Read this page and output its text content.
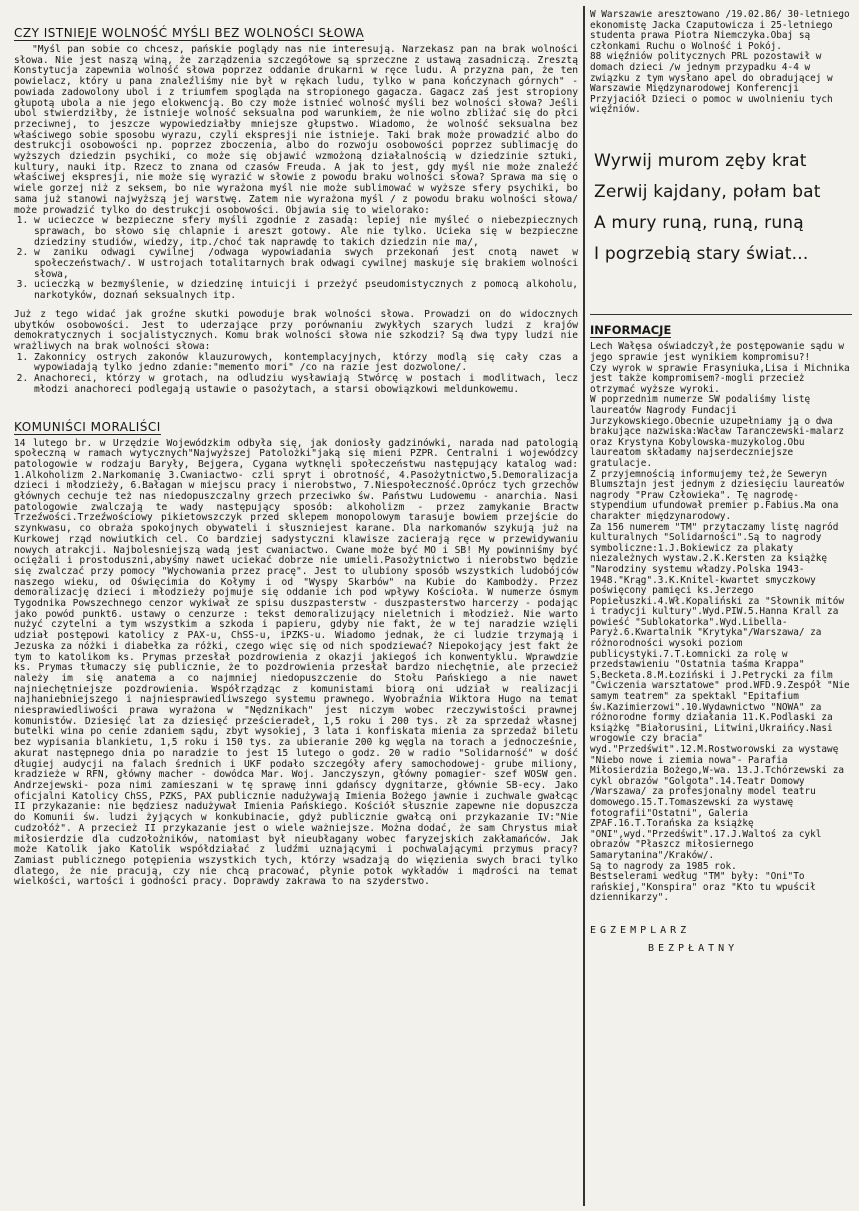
CZY ISTNIEJE WOLNOŚĆ MYŚLI BEZ WOLNOŚCI SŁOWA

"Myśl pan sobie co chcesz, pańskie poglądy nas nie interesują. Narzekasz pan na brak wolności słowa. Nie jest naszą winą, że zarządzenia szczegółowe są sprzeczne z ustawą zasadniczą. Zresztą Konstytucja zapewnia wolność słowa poprzez oddanie drukarni w ręce ludu. A przyzna pan, że ten powielacz, który u pana znaleźliśmy nie był w rękach ludu, tylko w pana kończynach górnych" - powiada zadowolony ubol i z triumfem spogląda na stropionego gagacza. Gagacz zaś jest stropiony głupotą ubola a nie jego elokwencją. Bo czy może istnieć wolność myśli bez wolności słowa? Jeśli ubol stwierdziłby, że istnieje wolność seksualna pod warunkiem, że nie wolno zbliżać się do płci przeciwnej, to jeszcze wypowiedziałby mniejsze głupstwo. Wiadomo, że wolność seksualna bez właściwego sobie sposobu wyrazu, czyli ekspresji nie istnieje. Taki brak może prowadzić albo do destrukcji osobowości np. poprzez zboczenia, albo do rozwoju osobowości poprzez sublimację do wyższych dziedzin psychiki, co może się objawić wzmożoną działalnością w dziedzinie sztuki, kultury, nauki itp. Rzecz to znana od czasów Freuda. A jak to jest, gdy myśl nie może znaleźć właściwej ekspresji, nie może się wyrazić w słowie z powodu braku wolności słowa? Sprawa ma się o wiele gorzej niż z seksem, bo nie wyrażona myśl nie może sublimować w wyższe sfery psychiki, bo sama już stanowi najwyższą jej warstwę. Zatem nie wyrażona myśl / z powodu braku wolności słowa/ może prowadzić tylko do destrukcji osobowości. Objawia się to wielorako:

1. w ucieczce w bezpieczne sfery myśli zgodnie z zasadą: lepiej nie myśleć o niebezpiecznych sprawach, bo słowo się chlapnie i areszt gotowy. Ale nie tylko. Ucieka się w bezpieczne dziedziny studiów, wiedzy, itp./choć tak naprawdę to takich dziedzin nie ma/,
2. w zaniku odwagi cywilnej /odwaga wypowiadania swych przekonań jest cnotą nawet w społeczeństwach/. W ustrojach totalitarnych brak odwagi cywilnej maskuje się brakiem wolności słowa,
3. ucieczką w bezmyślenie, w dziedzinę intuicji i przeżyć pseudomistycznych z pomocą alkoholu, narkotyków, doznań seksualnych itp.

Już z tego widać jak groźne skutki powoduje brak wolności słowa. Prowadzi on do widocznych ubytków osobowości. Jest to uderzające przy porównaniu zwykłych szarych ludzi z krajów demokratycznych i socjalistycznych. Komu brak wolności słowa nie szkodzi? Są dwa typy ludzi nie wrażliwych na brak wolności słowa:

1. Zakonnicy ostrych zakonów klauzurowych, kontemplacyjnych, którzy modlą się cały czas a wypowiadają tylko jedno zdanie:"memento mori" /co na razie jest dozwolone/.
2. Anachoreci, którzy w grotach, na odludziu wysławiają Stwórcę w postach i modlitwach, lecz młodzi anachoreci podlegają ustawie o pasożytach, a starsi obowiązkowi meldunkowemu.
KOMUNIŚCI MORALIŚCI

14 lutego br. w Urzędzie Wojewódzkim odbyła się, jak doniosły gadzinówki, narada nad patologią społeczną w ramach wytycznych"Najwyższej Patolożki"jaką się mieni PZPR. Centralni i wojewódzcy patologowie w rodzaju Baryły, Bejgera, Cygana wytknęli społeczeństwu następujący katalog wad: 1.Alkoholizm 2.Narkomanię 3.Cwaniactwo- czli spryt i obrotność, 4.Pasożytnictwo,5.Demoralizacja dzieci i młodzieży, 6.Bałagan w miejscu pracy i nierobstwo, 7.Niespołeczność.Oprócz tych grzechów głównych cechuje też nas niedopuszczalny grzech przeciwko św. Państwu Ludowemu - anarchia. Nasi patologowie zwalczają te wady następujący sposób: alkoholizm - przez zamykanie Bractw Trzeźwości.Trzeźwościowy pikietowszczyk przed sklepem monopolowym tarasuje bowiem przejście do szynkwasu, co obraża spokojnych obywateli i słuszniejest karane. Dla narkomanów szykują już na Kurkowej rząd nowiutkich cel. Co bardziej sadystyczni klawisze zacierają ręce w przewidywaniu nowych atrakcji. Najbolesniejszą wadą jest cwaniactwo. Cwane może być MO i SB! My powinniśmy być ociężali i prostoduszni,abyśmy nawet uciekać dobrze nie umieli.Pasożytnictwo i nierobstwo będzie się zwalczać przy pomocy "Wychowania przez pracę". Jest to ulubiony sposób wszystkich ludobójców naszego wieku, od Oświęcimia do Kołymy i od "Wyspy Skarbów" na Kubie do Kambodży. Przez demoralizację dzieci i młodzieży pojmuje się oddanie ich pod wpływy Kościoła. W numerze ósmym Tygodnika Powszechnego cenzor wykiwał ze spisu duszpasterstw - duszpasterstwo harcerzy - podając jako powód punkt6. ustawy o cenzurze : tekst demoralizujący nieletnich i młodzież. Nie warto nużyć czytelni a tym wszystkim a szkoda i papieru, gdyby nie fakt, że w tej naradzie wzięli udział postępowi katolicy z PAX-u, ChSS-u, iPZKS-u. Wiadomo jednak, że ci ludzie trzymają i Jezuska za nóżki i diabełka za różki, czego więc się od nich spodziewać? Niepokojący jest fakt że tym to katolikom ks. Prymas przesłał pozdrowienia z okazji jakiegoś ich konwentyklu. Wprawdzie ks. Prymas tłumaczy się publicznie, że to pozdrowienia przesłał bardzo niechętnie, ale przecież należy im się anatema a co najmniej niedopuszczenie do Stołu Pańskiego a nie nawet najniechętniejsze pozdrowienia. Współrządząc z komunistami biorą oni udział w realizacji najhaniebniejszego i najniesprawiedliwszego systemu prawnego. Wyobraźnia Wiktora Hugo na temat niesprawiedliwości prawa wyrażona w "Nędznikach" jest niczym wobec rzeczywistości prawnej komunistów. Dziesięć lat za dziesięć prześcieradeł, 1,5 roku i 200 tys. zł za sprzedaż własnej butelki wina po cenie zdaniem sądu, zbyt wysokiej, 3 lata i konfiskata mienia za sprzedaż biletu bez wypisania blankietu, 1,5 roku i 150 tys. za ubieranie 200 kg węgla na torach a jednocześnie, akurat następnego dnia po naradzie to jest 15 lutego o godz. 20 w radio "Solidarność" w dość długiej audycji na falach średnich i UKF podało szczegóły afery samochodowej- grube miliony, kradzieże w RFN, główny macher - dowódca Mar. Woj. Janczyszyn, główny pomagier- szef WOSW gen. Andrzejewski- poza nimi zamieszani w tę sprawę inni gdańscy dygnitarze, głównie SB-ecy. Jako oficjalni Katolicy ChSS, PZKS, PAX publicznie nadużywają Imienia Bożego jawnie i zuchwale gwałcąc II przykazanie: nie będziesz nadużywał Imienia Pańskiego. Kościół słusznie zapewne nie dopuszcza do Komunii św. ludzi żyjących w konkubinacie, gdyż publicznie gwałcą oni przykazanie IV:"Nie cudzołóż". A przecież II przykazanie jest o wiele ważniejsze. Można dodać, że sam Chrystus miał miłosierdzie dla cudzołożników, natomiast był nieubłagany wobec faryzejskich zakłamańców. Jak może Katolik jako Katolik współdziałać z ludźmi uznającymi i pochwalającymi przymus pracy? Zamiast publicznego potępienia wszystkich tych, którzy wsadzają do więzienia swych braci tylko dlatego, że nie pracują, czy nie chcą pracować, płynie potok wykładów i mądrości na temat wielkości, wartości i godności pracy. Doprawdy zakrawa to na szyderstwo.

W Warszawie aresztowano /19.02.86/ 30-letniego ekonomistę Jacka Czaputowicza i 25-letniego studenta prawa Piotra Niemczyka.Obaj są członkami Ruchu o Wolność i Pokój.

88 więźniów politycznych PRL pozostawił w domach dzieci /w jednym przypadku 4-4 w związku z tym wysłano apel do obradującej w Warszawie Międzynarodowej Konferencji Przyjaciół Dzieci o pomoc w uwolnieniu tych więźniów.

Wyrwij murom zęby krat
Zerwij kajdany, połam bat
A mury runą, runą, runą
I pogrzebią stary świat...
INFORMACJE

Lech Wałęsa oświadczył,że postępowanie sądu w jego sprawie jest wynikiem kompromisu?!

Czy wyrok w sprawie Frasyniuka,Lisa i Michnika jest także kompromisem?-mogli przecież otrzymać wyższe wyroki.

W poprzednim numerze SW podaliśmy listę laureatów Nagrody Fundacji Jurzykowskiego.Obecnie uzupełniamy ją o dwa brakujące nazwiska:Wacław Taranczewski-malarz oraz Krystyna Kobylowska-muzykolog.Obu laureatom składamy najserdeczniejsze gratulacje.

Z przyjemnością informujemy też,że Seweryn Blumsztajn jest jednym z dziesięciu laureatów nagrody "Praw Człowieka". Tę nagrodę-stypendium ufundował premier p.Fabius.Ma ona charakter międzynarodowy.

Za 156 numerem "TM" przytaczamy listę nagród kulturalnych "Solidarności".Są to nagrody symboliczne:1.J.Bokiewicz za plakaty niezależnych wystaw.2.K.Kersten za książkę "Narodziny systemu władzy.Polska 1943-1948."Krąg".3.K.Knitel-kwartet smyczkowy poświęcony pamięci ks.Jerzego Popiełuszki.4.Wł.Kopaliński za "Słownik mitów i tradycji kultury".Wyd.PIW.5.Hanna Krall za powieść "Sublokatorka".Wyd.Libella-Paryż.6.Kwartalnik "Krytyka"/Warszawa/ za różnorodności wysoki poziom publicystyki.7.T.Łomnicki za rolę w przedstawieniu "Ostatnia taśma Krappa" S.Becketa.8.M.Łoziński i J.Petrycki za film "Ćwiczenia warsztatowe" prod.WFD.9.Zespół "Nie samym teatrem" za spektakl "Epitafium św.Kazimierzowi".10.Wydawnictwo "NOWA" za różnorodne formy działania 11.K.Podlaski za książkę "Białorusini, Litwini,Ukraińcy.Nasi wrogowie czy bracia" wyd."Przedświt".12.M.Rostworowski za wystawę "Niebo nowe i ziemia nowa"- Parafia Miłosierdzia Bożego,W-wa. 13.J.Tchórzewski za cykl obrazów "Golgota".14.Teatr Domowy /Warszawa/ za profesjonalny model teatru domowego.15.T.Tomaszewski za wystawę fotografii"Ostatni", Galeria ZPAF.16.T.Torańska za książkę "ONI",wyd."Przedświt".17.J.Waltoś za cykl obrazów "Płaszcz miłosiernego Samarytanina"/Kraków/.

Są to nagrody za 1985 rok.

Bestselerami według "TM" były: "Oni"To rańskiej,"Konspira" oraz "Kto tu wpuścił dziennikarzy".

EGZEMPLARZ
BEZPŁATNY
